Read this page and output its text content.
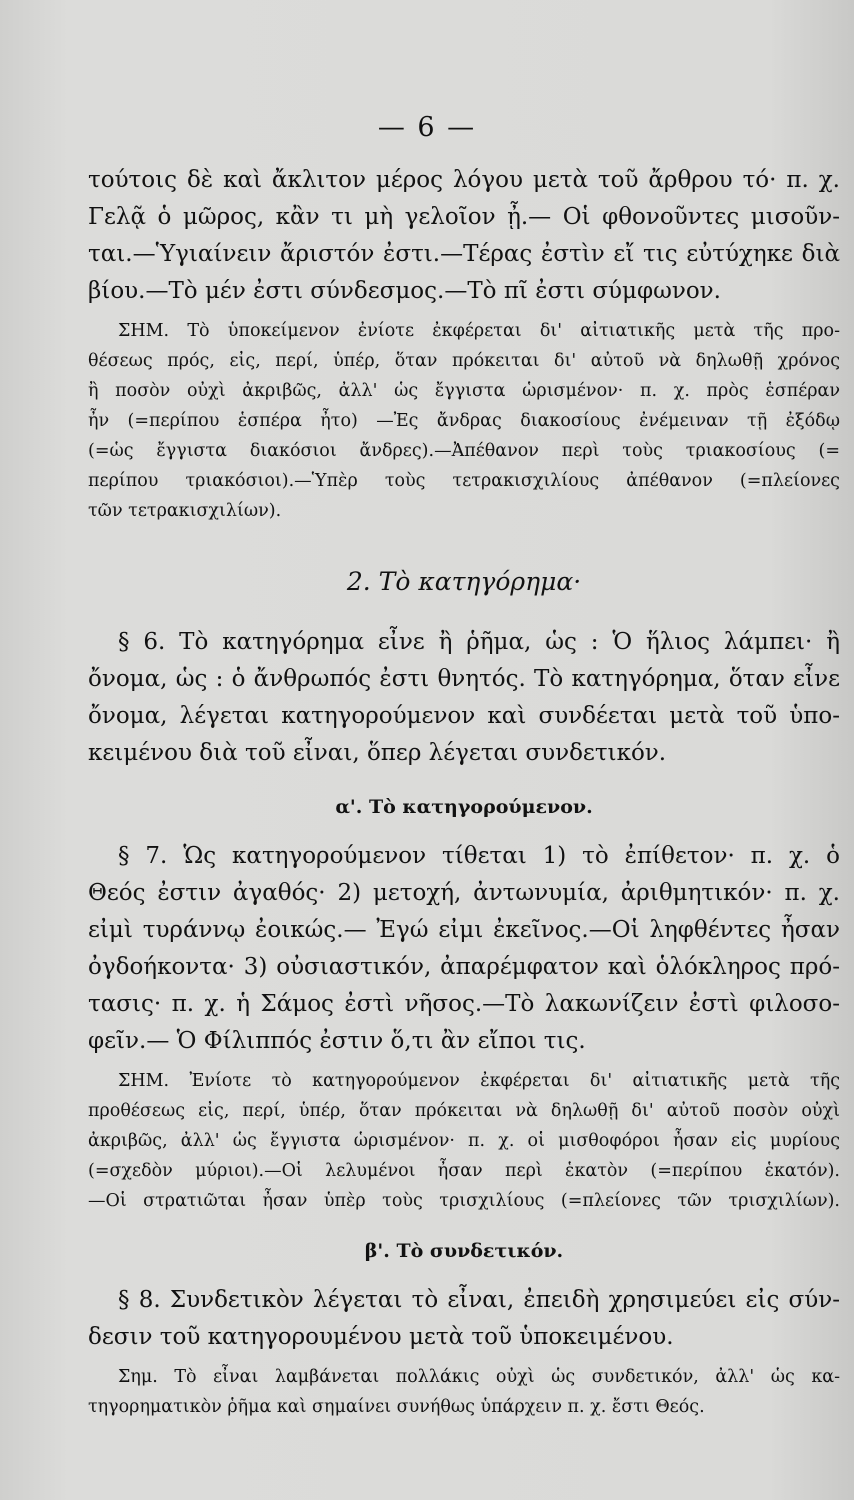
— 6 —
τούτοις δὲ καὶ ἄκλιτον μέρος λόγου μετὰ τοῦ ἄρθρου τό· π. χ.
Γελᾷ ὁ μῶρος, κἂν τι μὴ γελοῖον ᾖ.— Οἱ φθονοῦντες μισοῦν-
ται.—Ὑγιαίνειν ἄριστόν ἐστι.—Τέρας ἐστὶν εἴ τις εὐτύχηκε διὰ
βίου.—Τὸ μέν ἐστι σύνδεσμος.—Τὸ πῖ ἐστι σύμφωνον.
ΣΗΜ. Τὸ ὑποκείμενον ἐνίοτε ἐκφέρεται δι' αἰτιατικῆς μετὰ τῆς προ-
θέσεως πρός, εἰς, περί, ὑπέρ, ὅταν πρόκειται δι' αὐτοῦ νὰ δηλωθῇ χρόνος
ἢ ποσὸν οὐχὶ ἀκριβῶς, ἀλλ' ὡς ἔγγιστα ὡρισμένον· π. χ. πρὸς ἑσπέραν
ἦν (=περίπου ἑσπέρα ἦτο) —Ἐς ἄνδρας διακοσίους ἐνέμειναν τῇ ἐξόδῳ
(=ὡς ἔγγιστα διακόσιοι ἄνδρες).—Ἀπέθανον περὶ τοὺς τριακοσίους (=
περίπου τριακόσιοι).—Ὑπὲρ τοὺς τετρακισχιλίους ἀπέθανον (=πλείονες
τῶν τετρακισχιλίων).
2. Τὸ κατηγόρημα·
§ 6. Τὸ κατηγόρημα εἶνε ἢ ῥῆμα, ὡς : Ὁ ἥλιος λάμπει· ἢ
ὄνομα, ὡς : ὁ ἄνθρωπός ἐστι θνητός. Τὸ κατηγόρημα, ὅταν εἶνε
ὄνομα, λέγεται κατηγορούμενον καὶ συνδέεται μετὰ τοῦ ὑπο-
κειμένου διὰ τοῦ εἶναι, ὅπερ λέγεται συνδετικόν.
α'. Τὸ κατηγορούμενον.
§ 7. Ὡς κατηγορούμενον τίθεται 1) τὸ ἐπίθετον· π. χ. ὁ
Θεός ἐστιν ἀγαθός· 2) μετοχή, ἀντωνυμία, ἀριθμητικόν· π. χ.
εἰμὶ τυράννῳ ἐοικώς.— Ἐγώ εἰμι ἐκεῖνος.—Οἱ ληφθέντες ἦσαν
ὀγδοήκοντα· 3) οὐσιαστικόν, ἀπαρέμφατον καὶ ὁλόκληρος πρό-
τασις· π. χ. ἡ Σάμος ἐστὶ νῆσος.—Τὸ λακωνίζειν ἐστὶ φιλοσο-
φεῖν.— Ὁ Φίλιππός ἐστιν ὅ,τι ἂν εἴποι τις.
ΣΗΜ. Ἐνίοτε τὸ κατηγορούμενον ἐκφέρεται δι' αἰτιατικῆς μετὰ τῆς
προθέσεως εἰς, περί, ὑπέρ, ὅταν πρόκειται νὰ δηλωθῇ δι' αὐτοῦ ποσὸν οὐχὶ
ἀκριβῶς, ἀλλ' ὡς ἔγγιστα ὡρισμένον· π. χ. οἱ μισθοφόροι ἦσαν εἰς μυρίους
(=σχεδὸν μύριοι).—Οἱ λελυμένοι ἦσαν περὶ ἑκατὸν (=περίπου ἑκατόν).
—Οἱ στρατιῶται ἦσαν ὑπὲρ τοὺς τρισχιλίους (=πλείονες τῶν τρισχιλίων).
β'. Τὸ συνδετικόν.
§ 8. Συνδετικὸν λέγεται τὸ εἶναι, ἐπειδὴ χρησιμεύει εἰς σύν-
δεσιν τοῦ κατηγορουμένου μετὰ τοῦ ὑποκειμένου.
Σημ. Τὸ εἶναι λαμβάνεται πολλάκις οὐχὶ ὡς συνδετικόν, ἀλλ' ὡς κα-
τηγορηματικὸν ῥῆμα καὶ σημαίνει συνήθως ὑπάρχειν π. χ. ἔστι Θεός.
